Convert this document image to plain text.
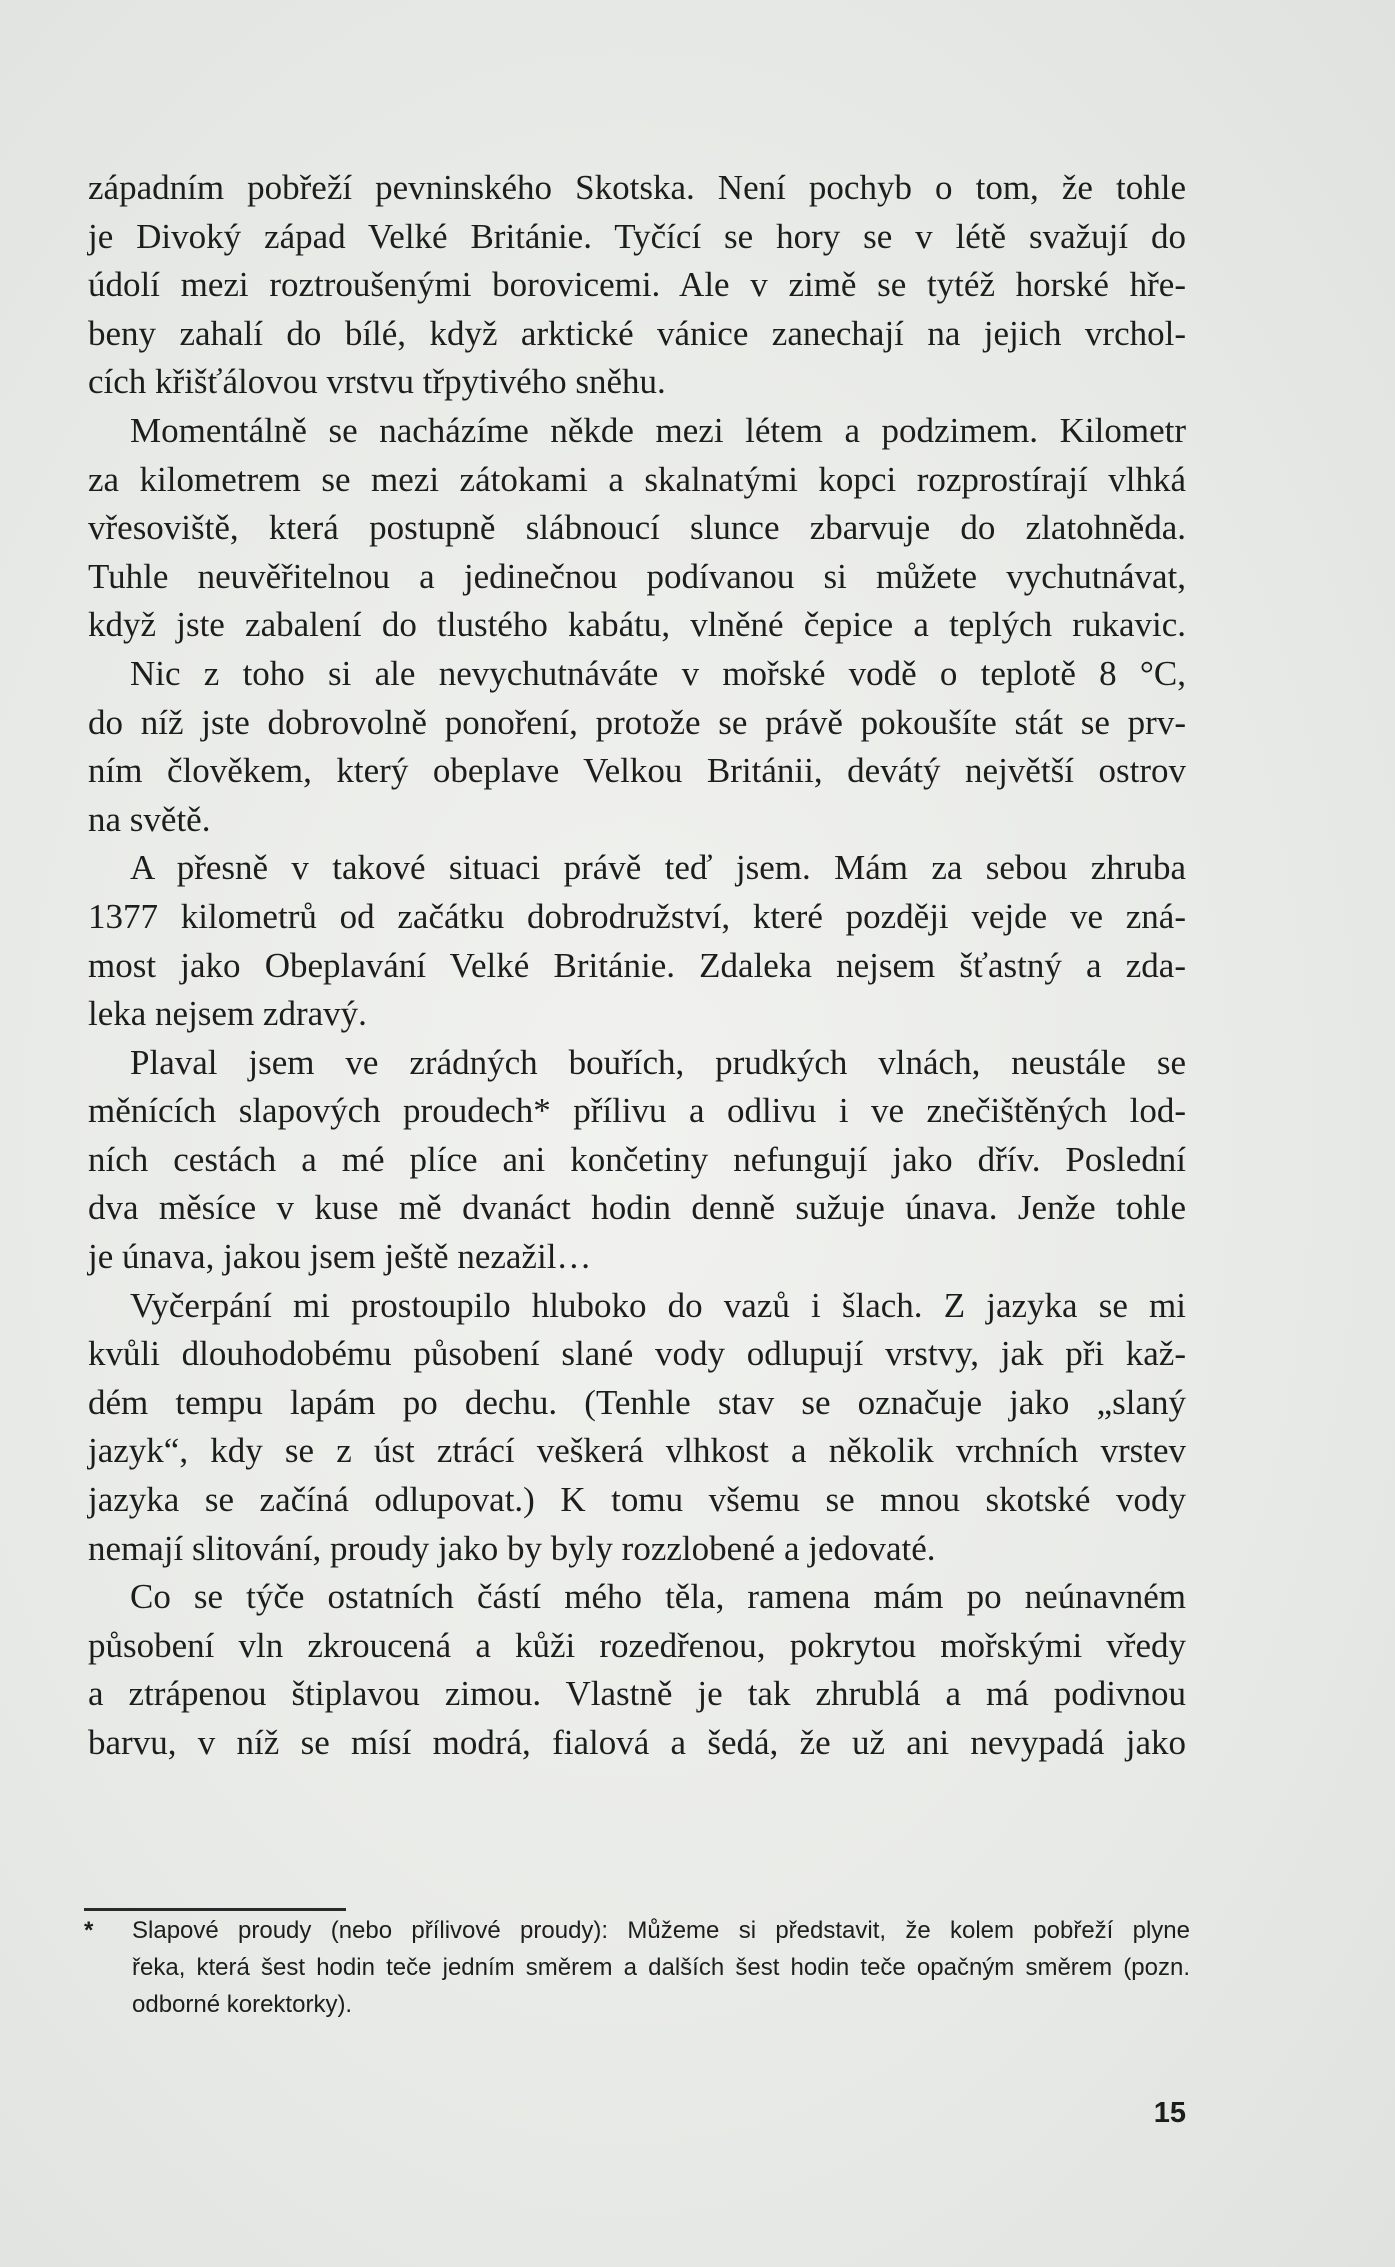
západním pobřeží pevninského Skotska. Není pochyb o tom, že tohle
je Divoký západ Velké Británie. Tyčící se hory se v létě svažují do
údolí mezi roztroušenými borovicemi. Ale v zimě se tytéž horské hře-
beny zahalí do bílé, když arktické vánice zanechají na jejich vrchol-
cích křišťálovou vrstvu třpytivého sněhu.
Momentálně se nacházíme někde mezi létem a podzimem. Kilometr
za kilometrem se mezi zátokami a skalnatými kopci rozprostírají vlhká
vřesoviště, která postupně slábnoucí slunce zbarvuje do zlatohněda.
Tuhle neuvěřitelnou a jedinečnou podívanou si můžete vychutnávat,
když jste zabalení do tlustého kabátu, vlněné čepice a teplých rukavic.
Nic z toho si ale nevychutnáváte v mořské vodě o teplotě 8 °C,
do níž jste dobrovolně ponoření, protože se právě pokoušíte stát se prv-
ním člověkem, který obeplave Velkou Británii, devátý největší ostrov
na světě.
A přesně v takové situaci právě teď jsem. Mám za sebou zhruba
1377 kilometrů od začátku dobrodružství, které později vejde ve zná-
most jako Obeplavání Velké Británie. Zdaleka nejsem šťastný a zda-
leka nejsem zdravý.
Plaval jsem ve zrádných bouřích, prudkých vlnách, neustále se
měnících slapových proudech* přílivu a odlivu i ve znečištěných lod-
ních cestách a mé plíce ani končetiny nefungují jako dřív. Poslední
dva měsíce v kuse mě dvanáct hodin denně sužuje únava. Jenže tohle
je únava, jakou jsem ještě nezažil…
Vyčerpání mi prostoupilo hluboko do vazů i šlach. Z jazyka se mi
kvůli dlouhodobému působení slané vody odlupují vrstvy, jak při kaž-
dém tempu lapám po dechu. (Tenhle stav se označuje jako „slaný
jazyk“, kdy se z úst ztrácí veškerá vlhkost a několik vrchních vrstev
jazyka se začíná odlupovat.) K tomu všemu se mnou skotské vody
nemají slitování, proudy jako by byly rozzlobené a jedovaté.
Co se týče ostatních částí mého těla, ramena mám po neúnavném
působení vln zkroucená a kůži rozedřenou, pokrytou mořskými vředy
a ztrápenou štiplavou zimou. Vlastně je tak zhrublá a má podivnou
barvu, v níž se mísí modrá, fialová a šedá, že už ani nevypadá jako
* Slapové proudy (nebo přílivové proudy): Můžeme si představit, že kolem pobřeží plyne
řeka, která šest hodin teče jedním směrem a dalších šest hodin teče opačným směrem (pozn.
odborné korektorky).
15
